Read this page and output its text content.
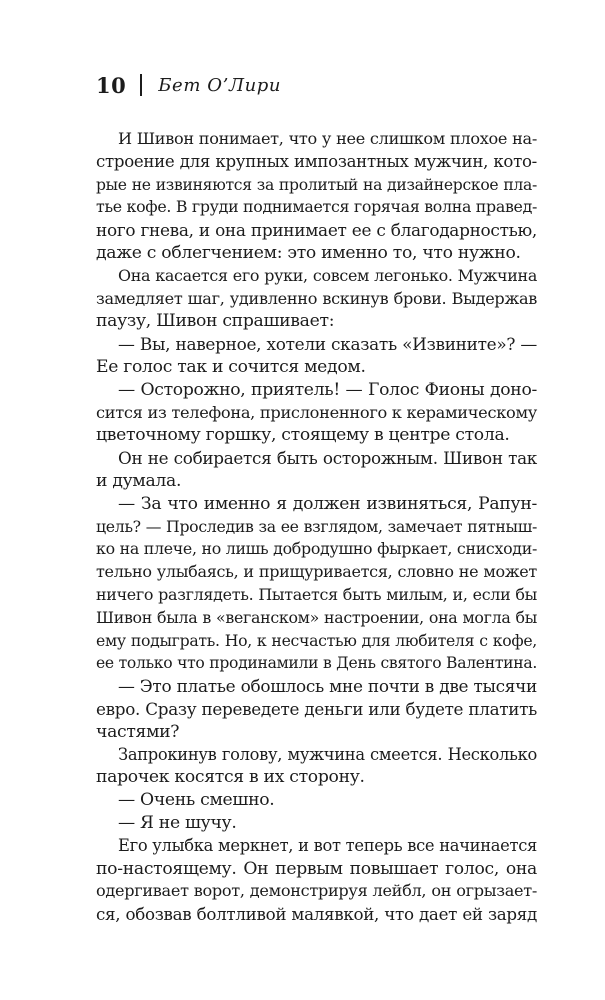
10 Бет О’Лири
И Шивон понимает, что у нее слишком плохое на-
строение для крупных импозантных мужчин, кото-
рые не извиняются за пролитый на дизайнерское пла-
тье кофе. В груди поднимается горячая волна правед-
ного гнева, и она принимает ее с благодарностью,
даже с облегчением: это именно то, что нужно.
Она касается его руки, совсем легонько. Мужчина
замедляет шаг, удивленно вскинув брови. Выдержав
паузу, Шивон спрашивает:
— Вы, наверное, хотели сказать «Извините»? —
Ее голос так и сочится медом.
— Осторожно, приятель! — Голос Фионы доно-
сится из телефона, прислоненного к керамическому
цветочному горшку, стоящему в центре стола.
Он не собирается быть осторожным. Шивон так
и думала.
— За что именно я должен извиняться, Рапун-
цель? — Проследив за ее взглядом, замечает пятныш-
ко на плече, но лишь добродушно фыркает, снисходи-
тельно улыбаясь, и прищуривается, словно не может
ничего разглядеть. Пытается быть милым, и, если бы
Шивон была в «веганском» настроении, она могла бы
ему подыграть. Но, к несчастью для любителя с кофе,
ее только что продинамили в День святого Валентина.
— Это платье обошлось мне почти в две тысячи
евро. Сразу переведете деньги или будете платить
частями?
Запрокинув голову, мужчина смеется. Несколько
парочек косятся в их сторону.
— Очень смешно.
— Я не шучу.
Его улыбка меркнет, и вот теперь все начинается
по-настоящему. Он первым повышает голос, она
одергивает ворот, демонстрируя лейбл, он огрызает-
ся, обозвав болтливой малявкой, что дает ей заряд
